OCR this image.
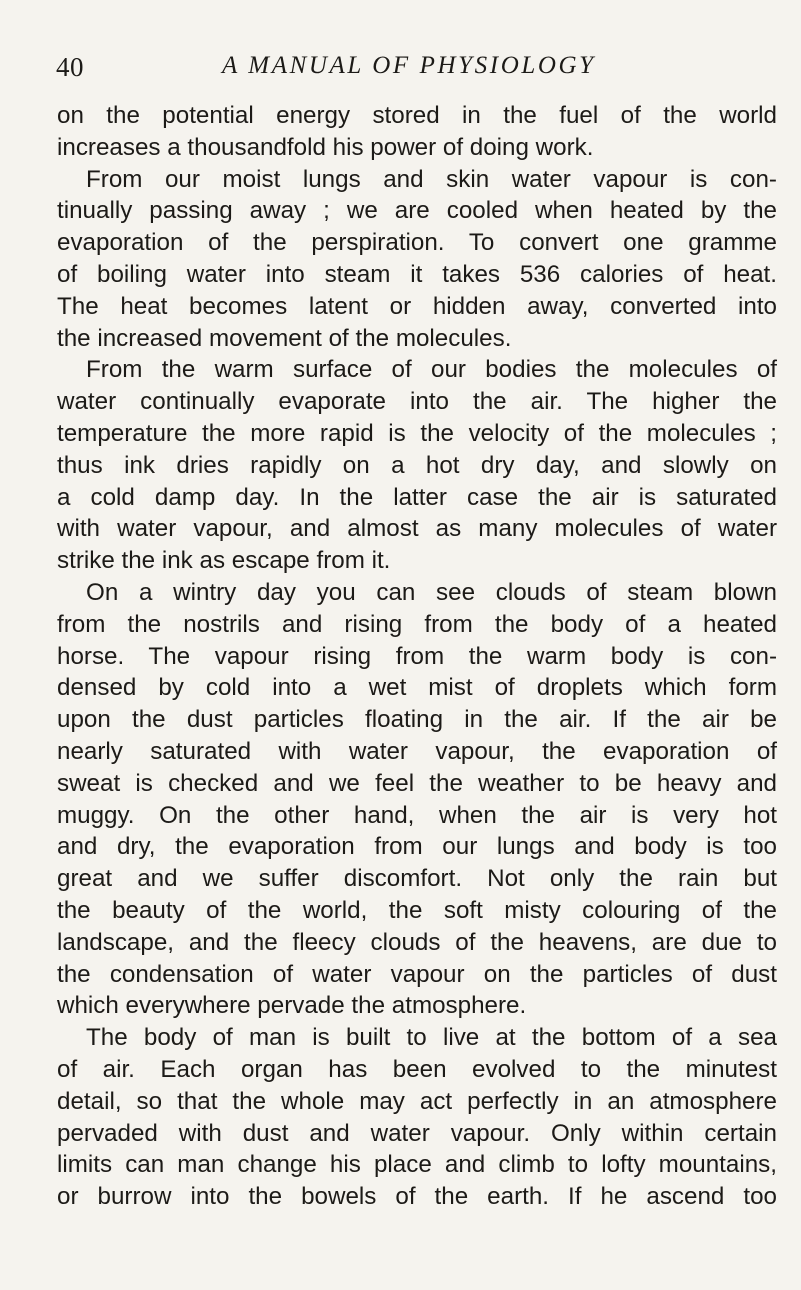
40	A MANUAL OF PHYSIOLOGY
on the potential energy stored in the fuel of the world
increases a thousandfold his power of doing work.
From our moist lungs and skin water vapour is con-
tinually passing away ; we are cooled when heated by the
evaporation of the perspiration. To convert one gramme
of boiling water into steam it takes 536 calories of heat.
The heat becomes latent or hidden away, converted into
the increased movement of the molecules.
From the warm surface of our bodies the molecules of
water continually evaporate into the air. The higher the
temperature the more rapid is the velocity of the molecules ;
thus ink dries rapidly on a hot dry day, and slowly on
a cold damp day. In the latter case the air is saturated
with water vapour, and almost as many molecules of water
strike the ink as escape from it.
On a wintry day you can see clouds of steam blown
from the nostrils and rising from the body of a heated
horse. The vapour rising from the warm body is con-
densed by cold into a wet mist of droplets which form
upon the dust particles floating in the air. If the air be
nearly saturated with water vapour, the evaporation of
sweat is checked and we feel the weather to be heavy and
muggy. On the other hand, when the air is very hot
and dry, the evaporation from our lungs and body is too
great and we suffer discomfort. Not only the rain but
the beauty of the world, the soft misty colouring of the
landscape, and the fleecy clouds of the heavens, are due to
the condensation of water vapour on the particles of dust
which everywhere pervade the atmosphere.
The body of man is built to live at the bottom of a sea
of air. Each organ has been evolved to the minutest
detail, so that the whole may act perfectly in an atmosphere
pervaded with dust and water vapour. Only within certain
limits can man change his place and climb to lofty mountains,
or burrow into the bowels of the earth. If he ascend too
